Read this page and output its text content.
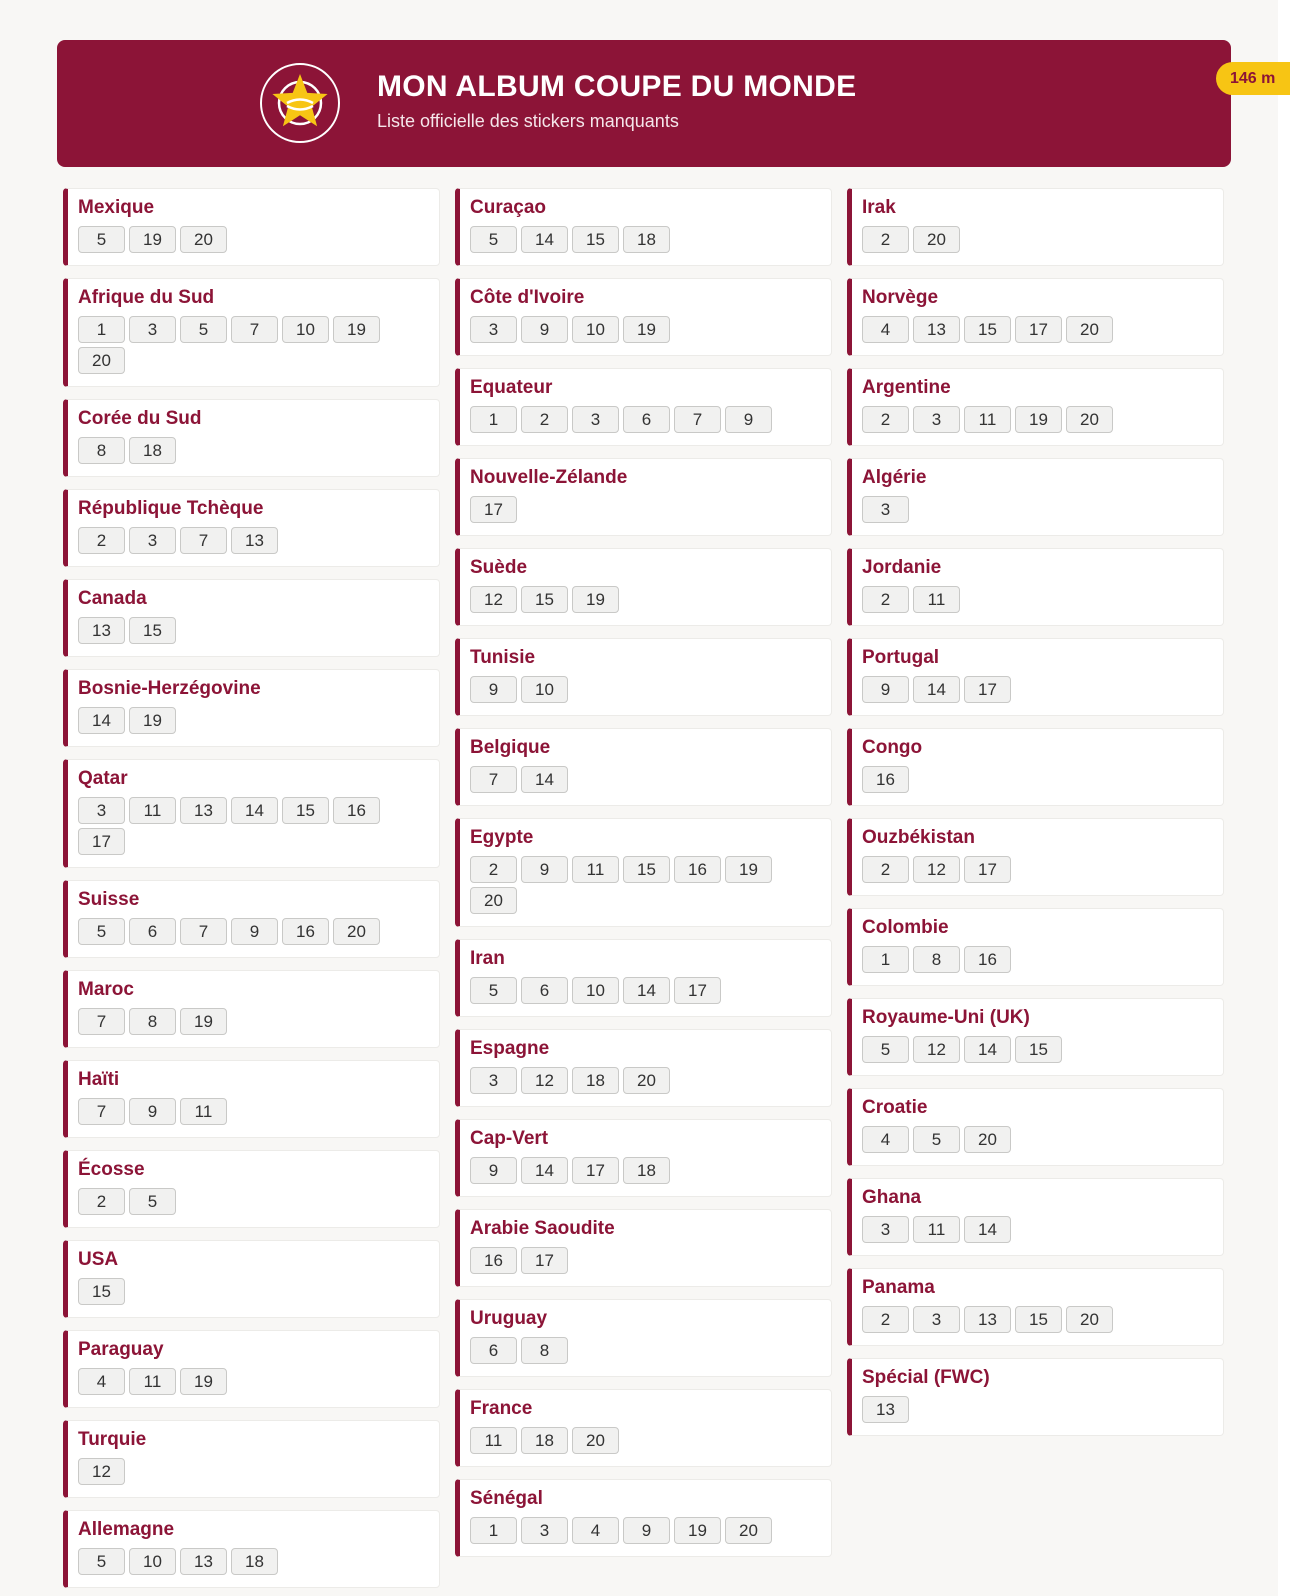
MON ALBUM COUPE DU MONDE
Liste officielle des stickers manquants
146 m
Mexique
5	19	20
Afrique du Sud
1	3	5	7	10	19
20
Corée du Sud
8	18
République Tchèque
2	3	7	13
Canada
13	15
Bosnie-Herzégovine
14	19
Qatar
3	11	13	14	15	16
17
Suisse
5	6	7	9	16	20
Maroc
7	8	19
Haïti
7	9	11
Écosse
2	5
USA
15
Paraguay
4	11	19
Turquie
12
Allemagne
5	10	13	18
Curaçao
5	14	15	18
Côte d'Ivoire
3	9	10	19
Equateur
1	2	3	6	7	9
Nouvelle-Zélande
17
Suède
12	15	19
Tunisie
9	10
Belgique
7	14
Egypte
2	9	11	15	16	19
20
Iran
5	6	10	14	17
Espagne
3	12	18	20
Cap-Vert
9	14	17	18
Arabie Saoudite
16	17
Uruguay
6	8
France
11	18	20
Sénégal
1	3	4	9	19	20
Irak
2	20
Norvège
4	13	15	17	20
Argentine
2	3	11	19	20
Algérie
3
Jordanie
2	11
Portugal
9	14	17
Congo
16
Ouzbékistan
2	12	17
Colombie
1	8	16
Royaume-Uni (UK)
5	12	14	15
Croatie
4	5	20
Ghana
3	11	14
Panama
2	3	13	15	20
Spécial (FWC)
13
